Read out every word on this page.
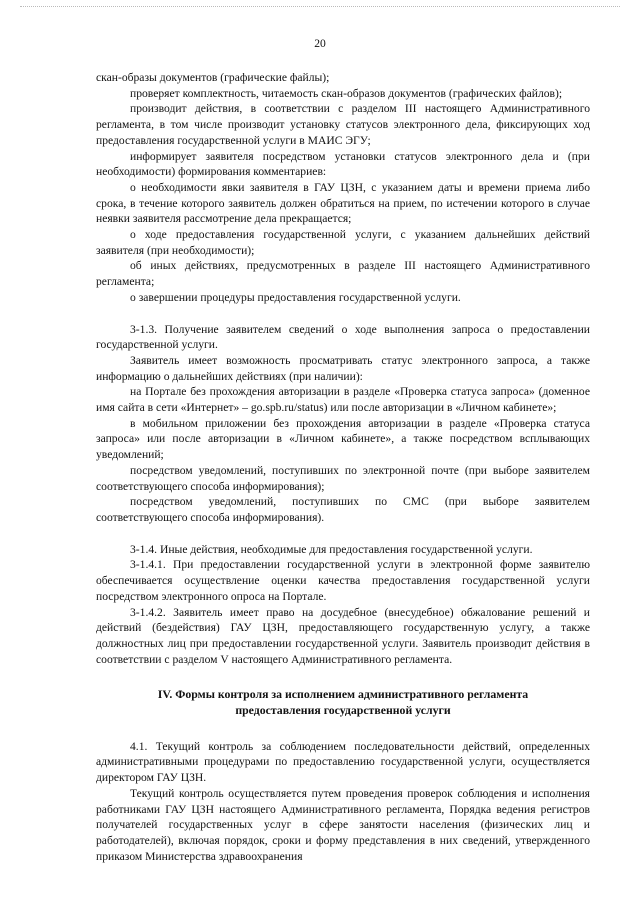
20

скан-образы документов (графические файлы);

проверяет комплектность, читаемость скан-образов документов (графических файлов);

производит действия, в соответствии с разделом III настоящего Административного регламента, в том числе производит установку статусов электронного дела, фиксирующих ход предоставления государственной услуги в МАИС ЭГУ;

информирует заявителя посредством установки статусов электронного дела и (при необходимости) формирования комментариев:

о необходимости явки заявителя в ГАУ ЦЗН, с указанием даты и времени приема либо срока, в течение которого заявитель должен обратиться на прием, по истечении которого в случае неявки заявителя рассмотрение дела прекращается;

о ходе предоставления государственной услуги, с указанием дальнейших действий заявителя (при необходимости);

об иных действиях, предусмотренных в разделе III настоящего Административного регламента;

о завершении процедуры предоставления государственной услуги.

3-1.3. Получение заявителем сведений о ходе выполнения запроса о предоставлении государственной услуги.

Заявитель имеет возможность просматривать статус электронного запроса, а также информацию о дальнейших действиях (при наличии):

на Портале без прохождения авторизации в разделе «Проверка статуса запроса» (доменное имя сайта в сети «Интернет» – go.spb.ru/status) или после авторизации в «Личном кабинете»;

в мобильном приложении без прохождения авторизации в разделе «Проверка статуса запроса» или после авторизации в «Личном кабинете», а также посредством всплывающих уведомлений;

посредством уведомлений, поступивших по электронной почте (при выборе заявителем соответствующего способа информирования);

посредством уведомлений, поступивших по СМС (при выборе заявителем соответствующего способа информирования).

3-1.4. Иные действия, необходимые для предоставления государственной услуги.

3-1.4.1. При предоставлении государственной услуги в электронной форме заявителю обеспечивается осуществление оценки качества предоставления государственной услуги посредством электронного опроса на Портале.

3-1.4.2. Заявитель имеет право на досудебное (внесудебное) обжалование решений и действий (бездействия) ГАУ ЦЗН, предоставляющего государственную услугу, а также должностных лиц при предоставлении государственной услуги. Заявитель производит действия в соответствии с разделом V настоящего Административного регламента.

IV. Формы контроля за исполнением административного регламента
предоставления государственной услуги

4.1. Текущий контроль за соблюдением последовательности действий, определенных административными процедурами по предоставлению государственной услуги, осуществляется директором ГАУ ЦЗН.

Текущий контроль осуществляется путем проведения проверок соблюдения и исполнения работниками ГАУ ЦЗН настоящего Административного регламента, Порядка ведения регистров получателей государственных услуг в сфере занятости населения (физических лиц и работодателей), включая порядок, сроки и форму представления в них сведений, утвержденного приказом Министерства здравоохранения
